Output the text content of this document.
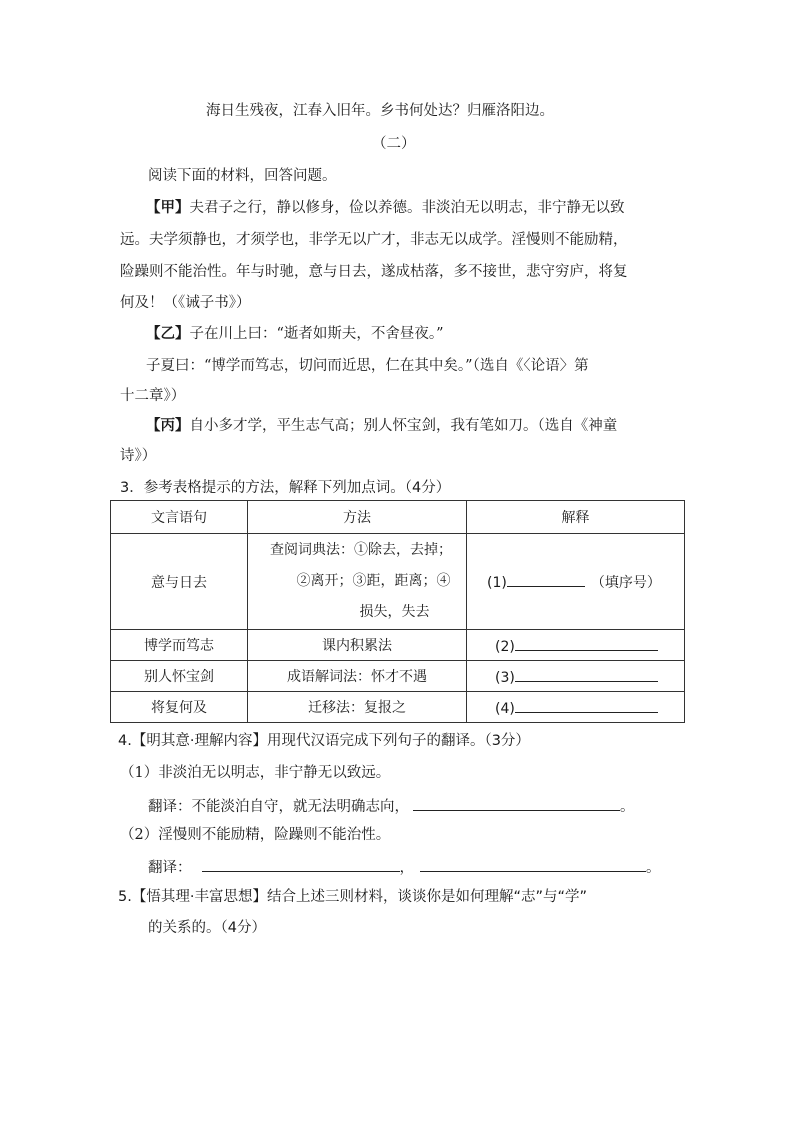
海日生残夜，江春入旧年。乡书何处达？归雁洛阳边。
（二）
阅读下面的材料，回答问题。
【甲】夫君子之行，静以修身，俭以养德。非淡泊无以明志，非宁静无以致
远。夫学须静也，才须学也，非学无以广才，非志无以成学。淫慢则不能励精，
险躁则不能治性。年与时驰，意与日去，遂成枯落，多不接世，悲守穷庐，将复
何及！（《诫子书》）
【乙】子在川上曰：“逝者如斯夫，不舍昼夜。”
子夏曰：“博学而笃志，切问而近思，仁在其中矣。”（选自《〈论语〉第
十二章》）
【丙】自小多才学，平生志气高；别人怀宝剑，我有笔如刀。（选自《神童
诗》）
3．参考表格提示的方法，解释下列加点词。（4分）
文言语句	方法	解释
意与日去	查阅词典法：①除去，去掉；
②离开；③距，距离；④
损失，失去	(1) （填序号）
博学而笃志	课内积累法	(2)
别人怀宝剑	成语解词法：怀才不遇	(3)
将复何及	迁移法：复报之	(4)
4.【明其意·理解内容】用现代汉语完成下列句子的翻译。（3分）
（1）非淡泊无以明志，非宁静无以致远。
翻译：不能淡泊自守，就无法明确志向，	。
（2）淫慢则不能励精，险躁则不能治性。
翻译：	，	。
5.【悟其理·丰富思想】结合上述三则材料，谈谈你是如何理解“志”与“学”
的关系的。（4分）
